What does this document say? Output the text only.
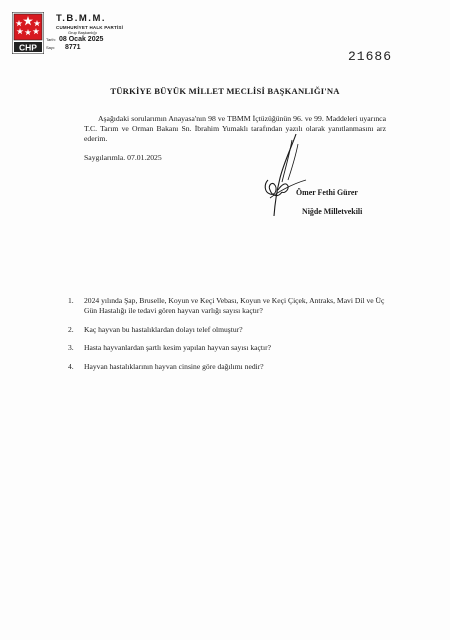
CHP
T.B.M.M.
CUMHURİYET HALK PARTİSİ
Grup Başkanlığı
Tarih: 08 Ocak 2025
Sayı:	8771
21686
TÜRKİYE BÜYÜK MİLLET MECLİSİ BAŞKANLIĞI'NA
Aşağıdaki sorularımın Anayasa'nın 98 ve TBMM İçtüzüğünün 96. ve 99. Maddeleri uyarınca T.C. Tarım ve Orman Bakanı Sn. İbrahim Yumaklı tarafından yazılı olarak yanıtlanmasını arz ederim.
Saygılarımla. 07.01.2025
Ömer Fethi Gürer
Niğde Milletvekili
1. 2024 yılında Şap, Bruselle, Koyun ve Keçi Vebası, Koyun ve Keçi Çiçek, Antraks, Mavi Dil ve Üç Gün Hastalığı ile tedavi gören hayvan varlığı sayısı kaçtır?
2. Kaç hayvan bu hastalıklardan dolayı telef olmuştur?
3. Hasta hayvanlardan şartlı kesim yapılan hayvan sayısı kaçtır?
4. Hayvan hastalıklarının hayvan cinsine göre dağılımı nedir?
